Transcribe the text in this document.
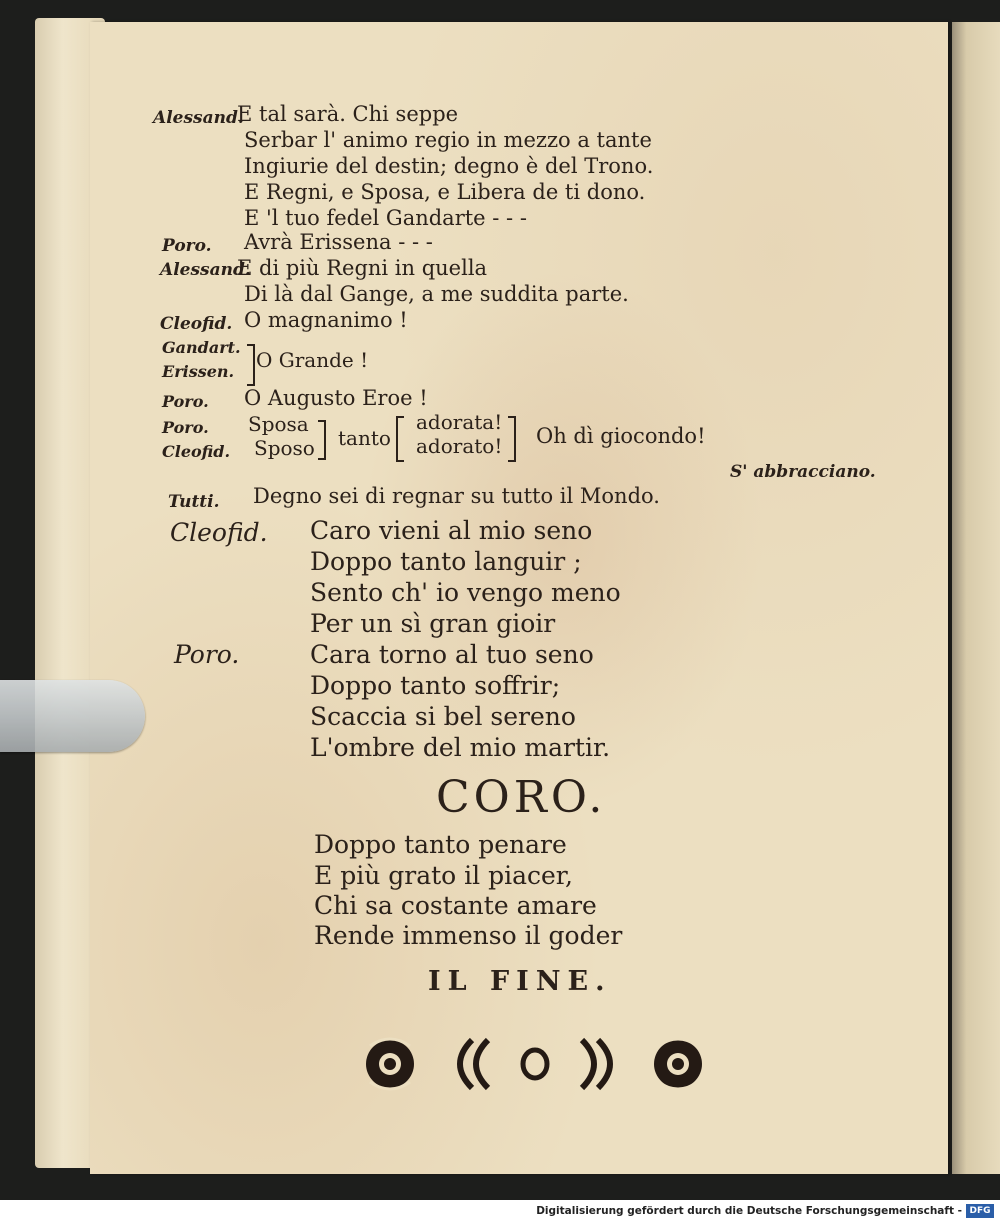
Alessand.
E tal sarà. Chi seppe
Serbar l' animo regio in mezzo a tante
Ingiurie del destin; degno è del Trono.
E Regni, e Sposa, e Libera de ti dono.
E 'l tuo fedel Gandarte - - -
Poro. Avrà Erissena - - -
Alessand.
E di più Regni in quella
Di là dal Gange, a me suddita parte.
Cleofid. O magnanimo !
Gandart.
Erissen. O Grande !
Poro. O Augusto Eroe !
Poro.
Cleofid.
Sposa
Sposo tanto
adorata!
adorato! Oh dì giocondo!
S' abbracciano.
Tutti. Degno sei di regnar su tutto il Mondo.
Cleofid. Caro vieni al mio seno
Doppo tanto languir ;
Sento ch' io vengo meno
Per un sì gran gioir
Poro.	Cara torno al tuo seno
Doppo tanto soffrir;
Scaccia si bel sereno
L'ombre del mio martir.
CORO.
Doppo tanto penare
E più grato il piacer,
Chi sa costante amare
Rende immenso il goder
IL FINE.
Digitalisierung gefördert durch die Deutsche Forschungsgemeinschaft - DFG
